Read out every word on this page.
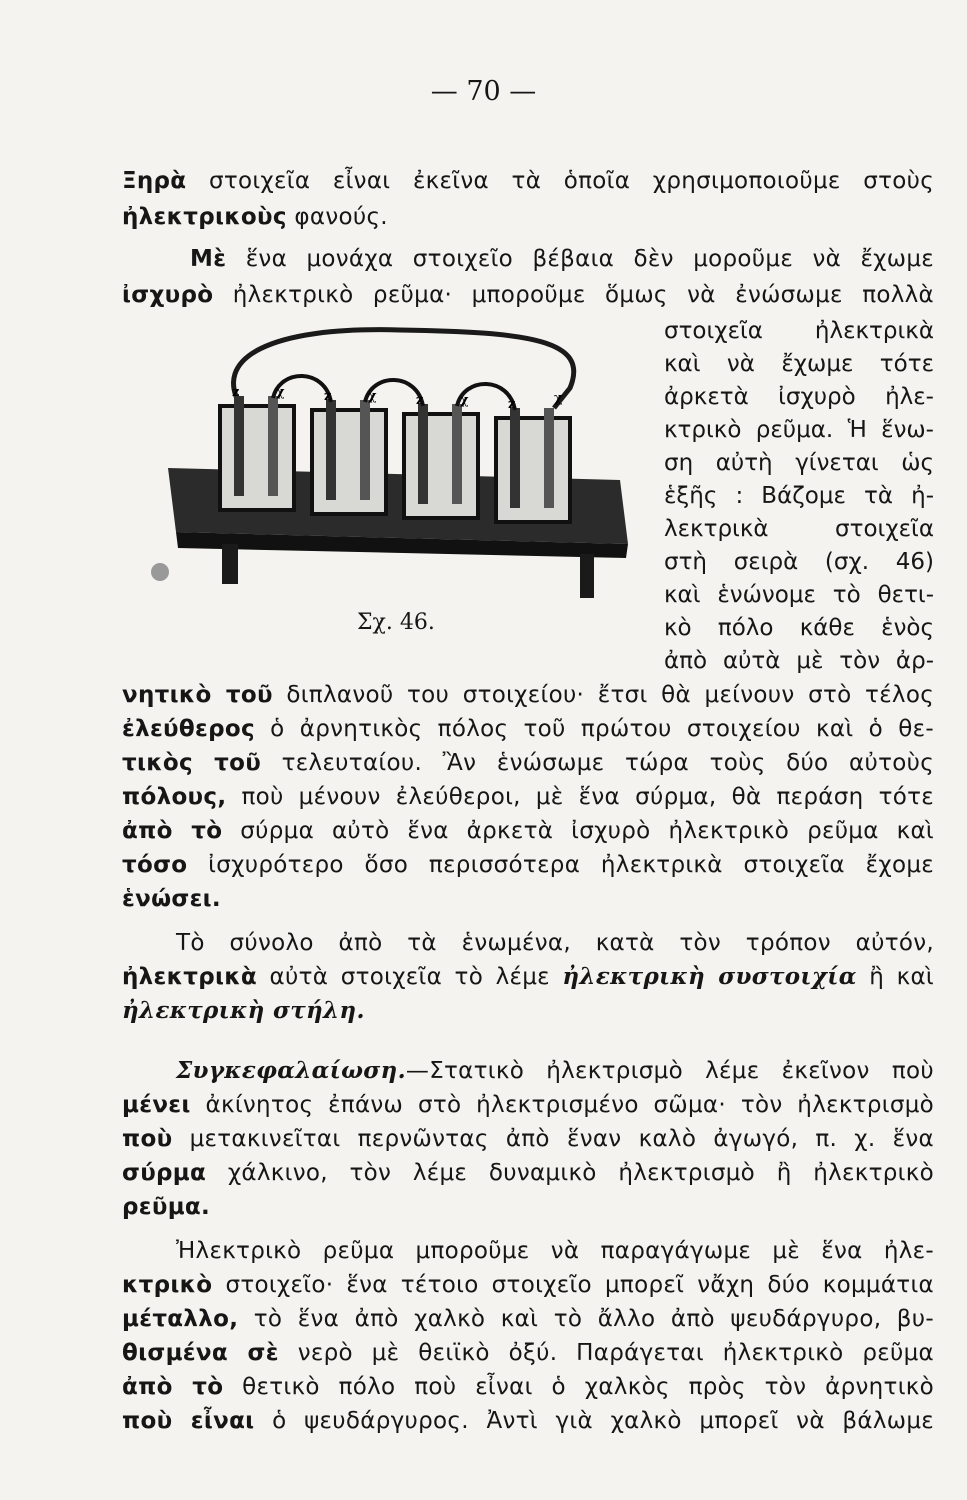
— 70 —
Ξηρὰ στοιχεῖα εἶναι ἐκεῖνα τὰ ὁποῖα χρησιμοποιοῦμε στοὺς
ἠλεκτρικοὺς φανούς.
Μὲ ἕνα μονάχα στοιχεῖο βέβαια δὲν μοροῦμε νὰ ἔχωμε
ἰσχυρὸ ἠλεκτρικὸ ρεῦμα· μποροῦμε ὅμως νὰ ἐνώσωμε πολλὰ
z	χ	z	χ	z	χ	z	χ
Σχ. 46.
στοιχεῖα ἠλεκτρικὰ
καὶ νὰ ἔχωμε τότε
ἀρκετὰ ἰσχυρὸ ἠλε-
κτρικὸ ρεῦμα. Ἡ ἕνω-
ση αὐτὴ γίνεται ὡς
ἑξῆς : Βάζομε τὰ ἠ-
λεκτρικὰ στοιχεῖα
στὴ σειρὰ (σχ. 46)
καὶ ἑνώνομε τὸ θετι-
κὸ πόλο κάθε ἑνὸς
ἀπὸ αὐτὰ μὲ τὸν ἀρ-
νητικὸ τοῦ διπλανοῦ του στοιχείου· ἔτσι θὰ μείνουν στὸ τέλος
ἐλεύθερος ὁ ἀρνητικὸς πόλος τοῦ πρώτου στοιχείου καὶ ὁ θε-
τικὸς τοῦ τελευταίου. Ἂν ἑνώσωμε τώρα τοὺς δύο αὐτοὺς
πόλους, ποὺ μένουν ἐλεύθεροι, μὲ ἕνα σύρμα, θὰ περάση τότε
ἀπὸ τὸ σύρμα αὐτὸ ἕνα ἀρκετὰ ἰσχυρὸ ἠλεκτρικὸ ρεῦμα καὶ
τόσο ἰσχυρότερο ὅσο περισσότερα ἠλεκτρικὰ στοιχεῖα ἔχομε
ἑνώσει.
Τὸ σύνολο ἀπὸ τὰ ἑνωμένα, κατὰ τὸν τρόπον αὐτόν,
ἠλεκτρικὰ αὐτὰ στοιχεῖα τὸ λέμε ἠλεκτρικὴ συστοιχία ἢ καὶ
ἠλεκτρικὴ στήλη.
Συγκεφαλαίωση.—Στατικὸ ἠλεκτρισμὸ λέμε ἐκεῖνον ποὺ
μένει ἀκίνητος ἐπάνω στὸ ἠλεκτρισμένο σῶμα· τὸν ἠλεκτρισμὸ
ποὺ μετακινεῖται περνῶντας ἀπὸ ἕναν καλὸ ἀγωγό, π. χ. ἕνα
σύρμα χάλκινο, τὸν λέμε δυναμικὸ ἠλεκτρισμὸ ἢ ἠλεκτρικὸ
ρεῦμα.
Ἠλεκτρικὸ ρεῦμα μποροῦμε νὰ παραγάγωμε μὲ ἕνα ἠλε-
κτρικὸ στοιχεῖο· ἕνα τέτοιο στοιχεῖο μπορεῖ νἄχη δύο κομμάτια
μέταλλο, τὸ ἕνα ἀπὸ χαλκὸ καὶ τὸ ἄλλο ἀπὸ ψευδάργυρο, βυ-
θισμένα σὲ νερὸ μὲ θειϊκὸ ὀξύ. Παράγεται ἠλεκτρικὸ ρεῦμα
ἀπὸ τὸ θετικὸ πόλο ποὺ εἶναι ὁ χαλκὸς πρὸς τὸν ἀρνητικὸ
ποὺ εἶναι ὁ ψευδάργυρος. Ἀντὶ γιὰ χαλκὸ μπορεῖ νὰ βάλωμε
